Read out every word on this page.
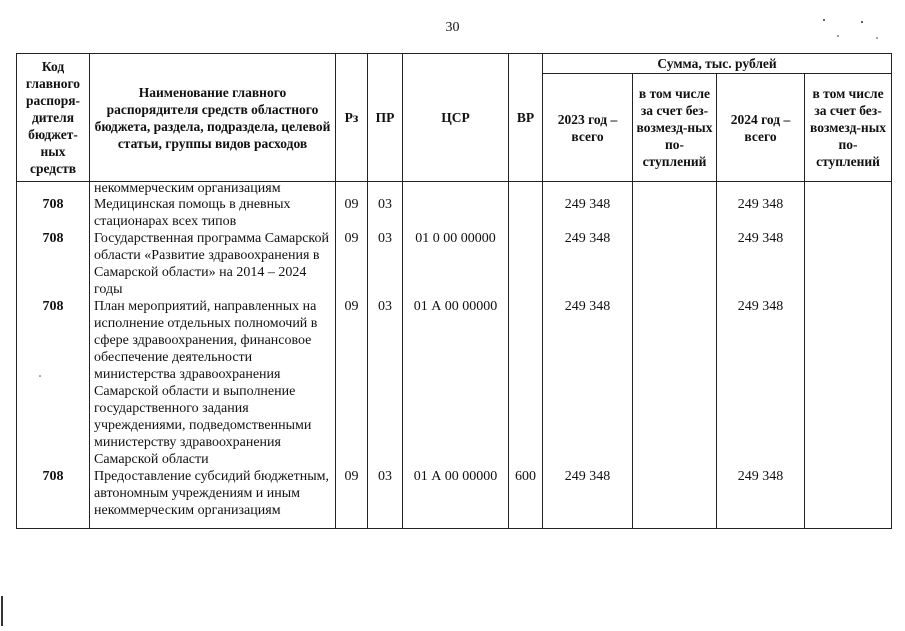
30
Код главного распоря-дителя бюджет-ных средств	Наименование главного распорядителя средств областного бюджета, раздела, подраздела, целевой статьи, группы видов расходов	Рз	ПР	ЦСР	ВР	Сумма, тыс. рублей			
						2023 год – всего	в том числе за счет без-возмезд-ных по-ступлений	2024 год – всего	в том числе за счет без-возмезд-ных по-ступлений
	некоммерческим организациям								
708	Медицинская помощь в дневных стационарах всех типов	09	03			249 348		249 348	
708	Государственная программа Самарской области «Развитие здравоохранения в Самарской области» на 2014 – 2024 годы	09	03	01 0 00 00000		249 348		249 348	
708	План мероприятий, направленных на исполнение отдельных полномочий в сфере здравоохранения, финансовое обеспечение деятельности министерства здравоохранения Самарской области и выполнение государственного задания учреждениями, подведомственными министерству здравоохранения Самарской области	09	03	01 А 00 00000		249 348		249 348	
708	Предоставление субсидий бюджетным, автономным учреждениям и иным некоммерческим организациям	09	03	01 А 00 00000	600	249 348		249 348	
